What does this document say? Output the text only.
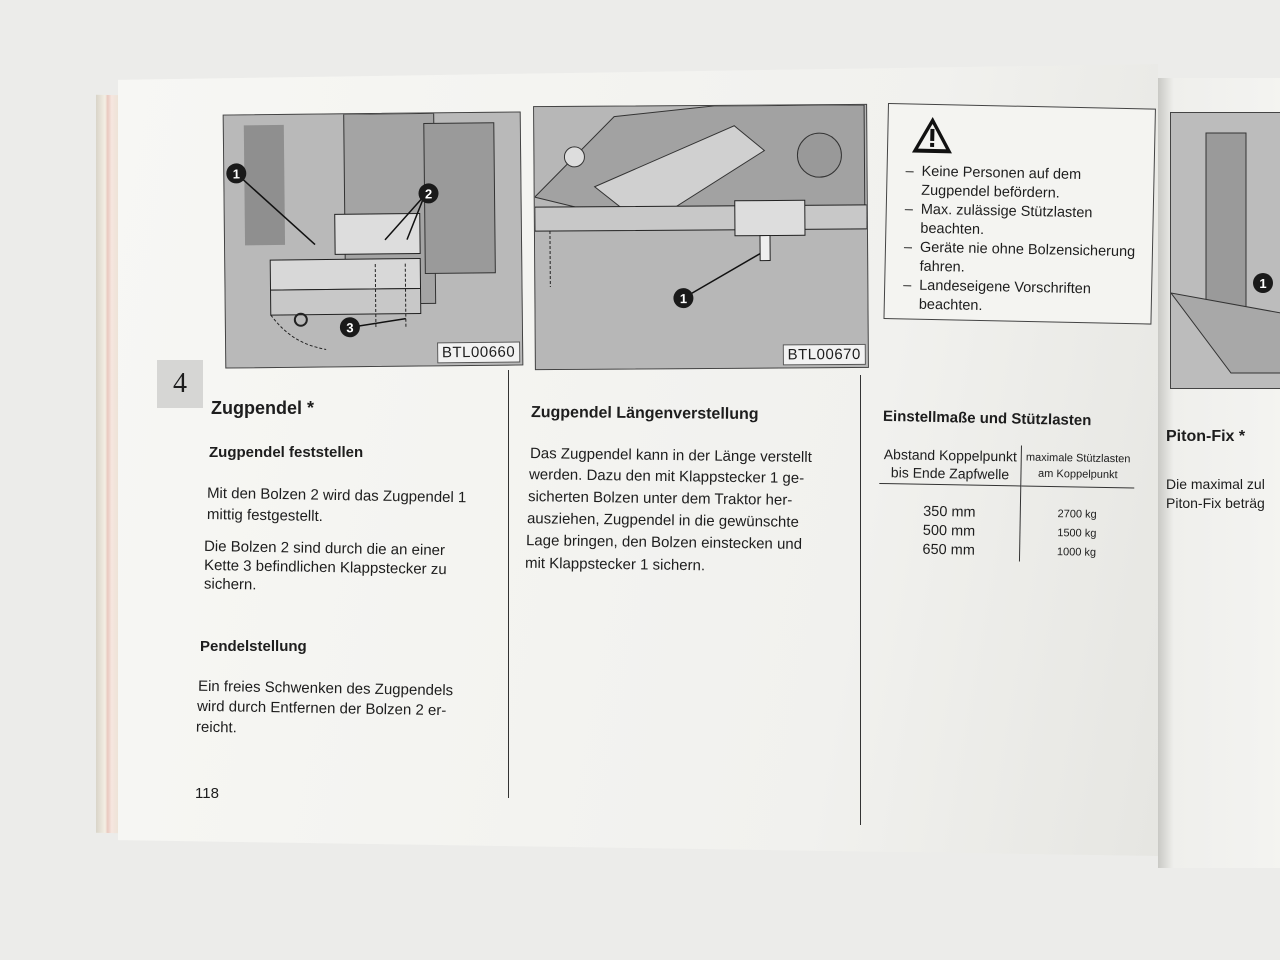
1
2
3
BTL00660
1
BTL00670
4
Zugpendel *
Zugpendel feststellen
Mit den Bolzen 2 wird das Zugpendel 1
mittig festgestellt.
Die Bolzen 2 sind durch die an einer
Kette 3 befindlichen Klappstecker zu
sichern.
Pendelstellung
Ein freies Schwenken des Zugpendels
wird durch Entfernen der Bolzen 2 er-
reicht.
118
Zugpendel Längenverstellung
Das Zugpendel kann in der Länge verstellt
werden. Dazu den mit Klappstecker 1 ge-
sicherten Bolzen unter dem Traktor her-
ausziehen, Zugpendel in die gewünschte
Lage bringen, den Bolzen einstecken und
mit Klappstecker 1 sichern.
– Keine Personen auf dem
Zugpendel befördern.
– Max. zulässige Stützlasten
beachten.
– Geräte nie ohne Bolzensicherung
fahren.
– Landeseigene Vorschriften
beachten.
Einstellmaße und Stützlasten
Abstand Koppelpunkt
bis Ende Zapfwelle	maximale Stützlasten
am Koppelpunkt
350 mm	2700 kg
500 mm	1500 kg
650 mm	1000 kg
1
Piton-Fix *
Die maximal zul
Piton-Fix beträg
